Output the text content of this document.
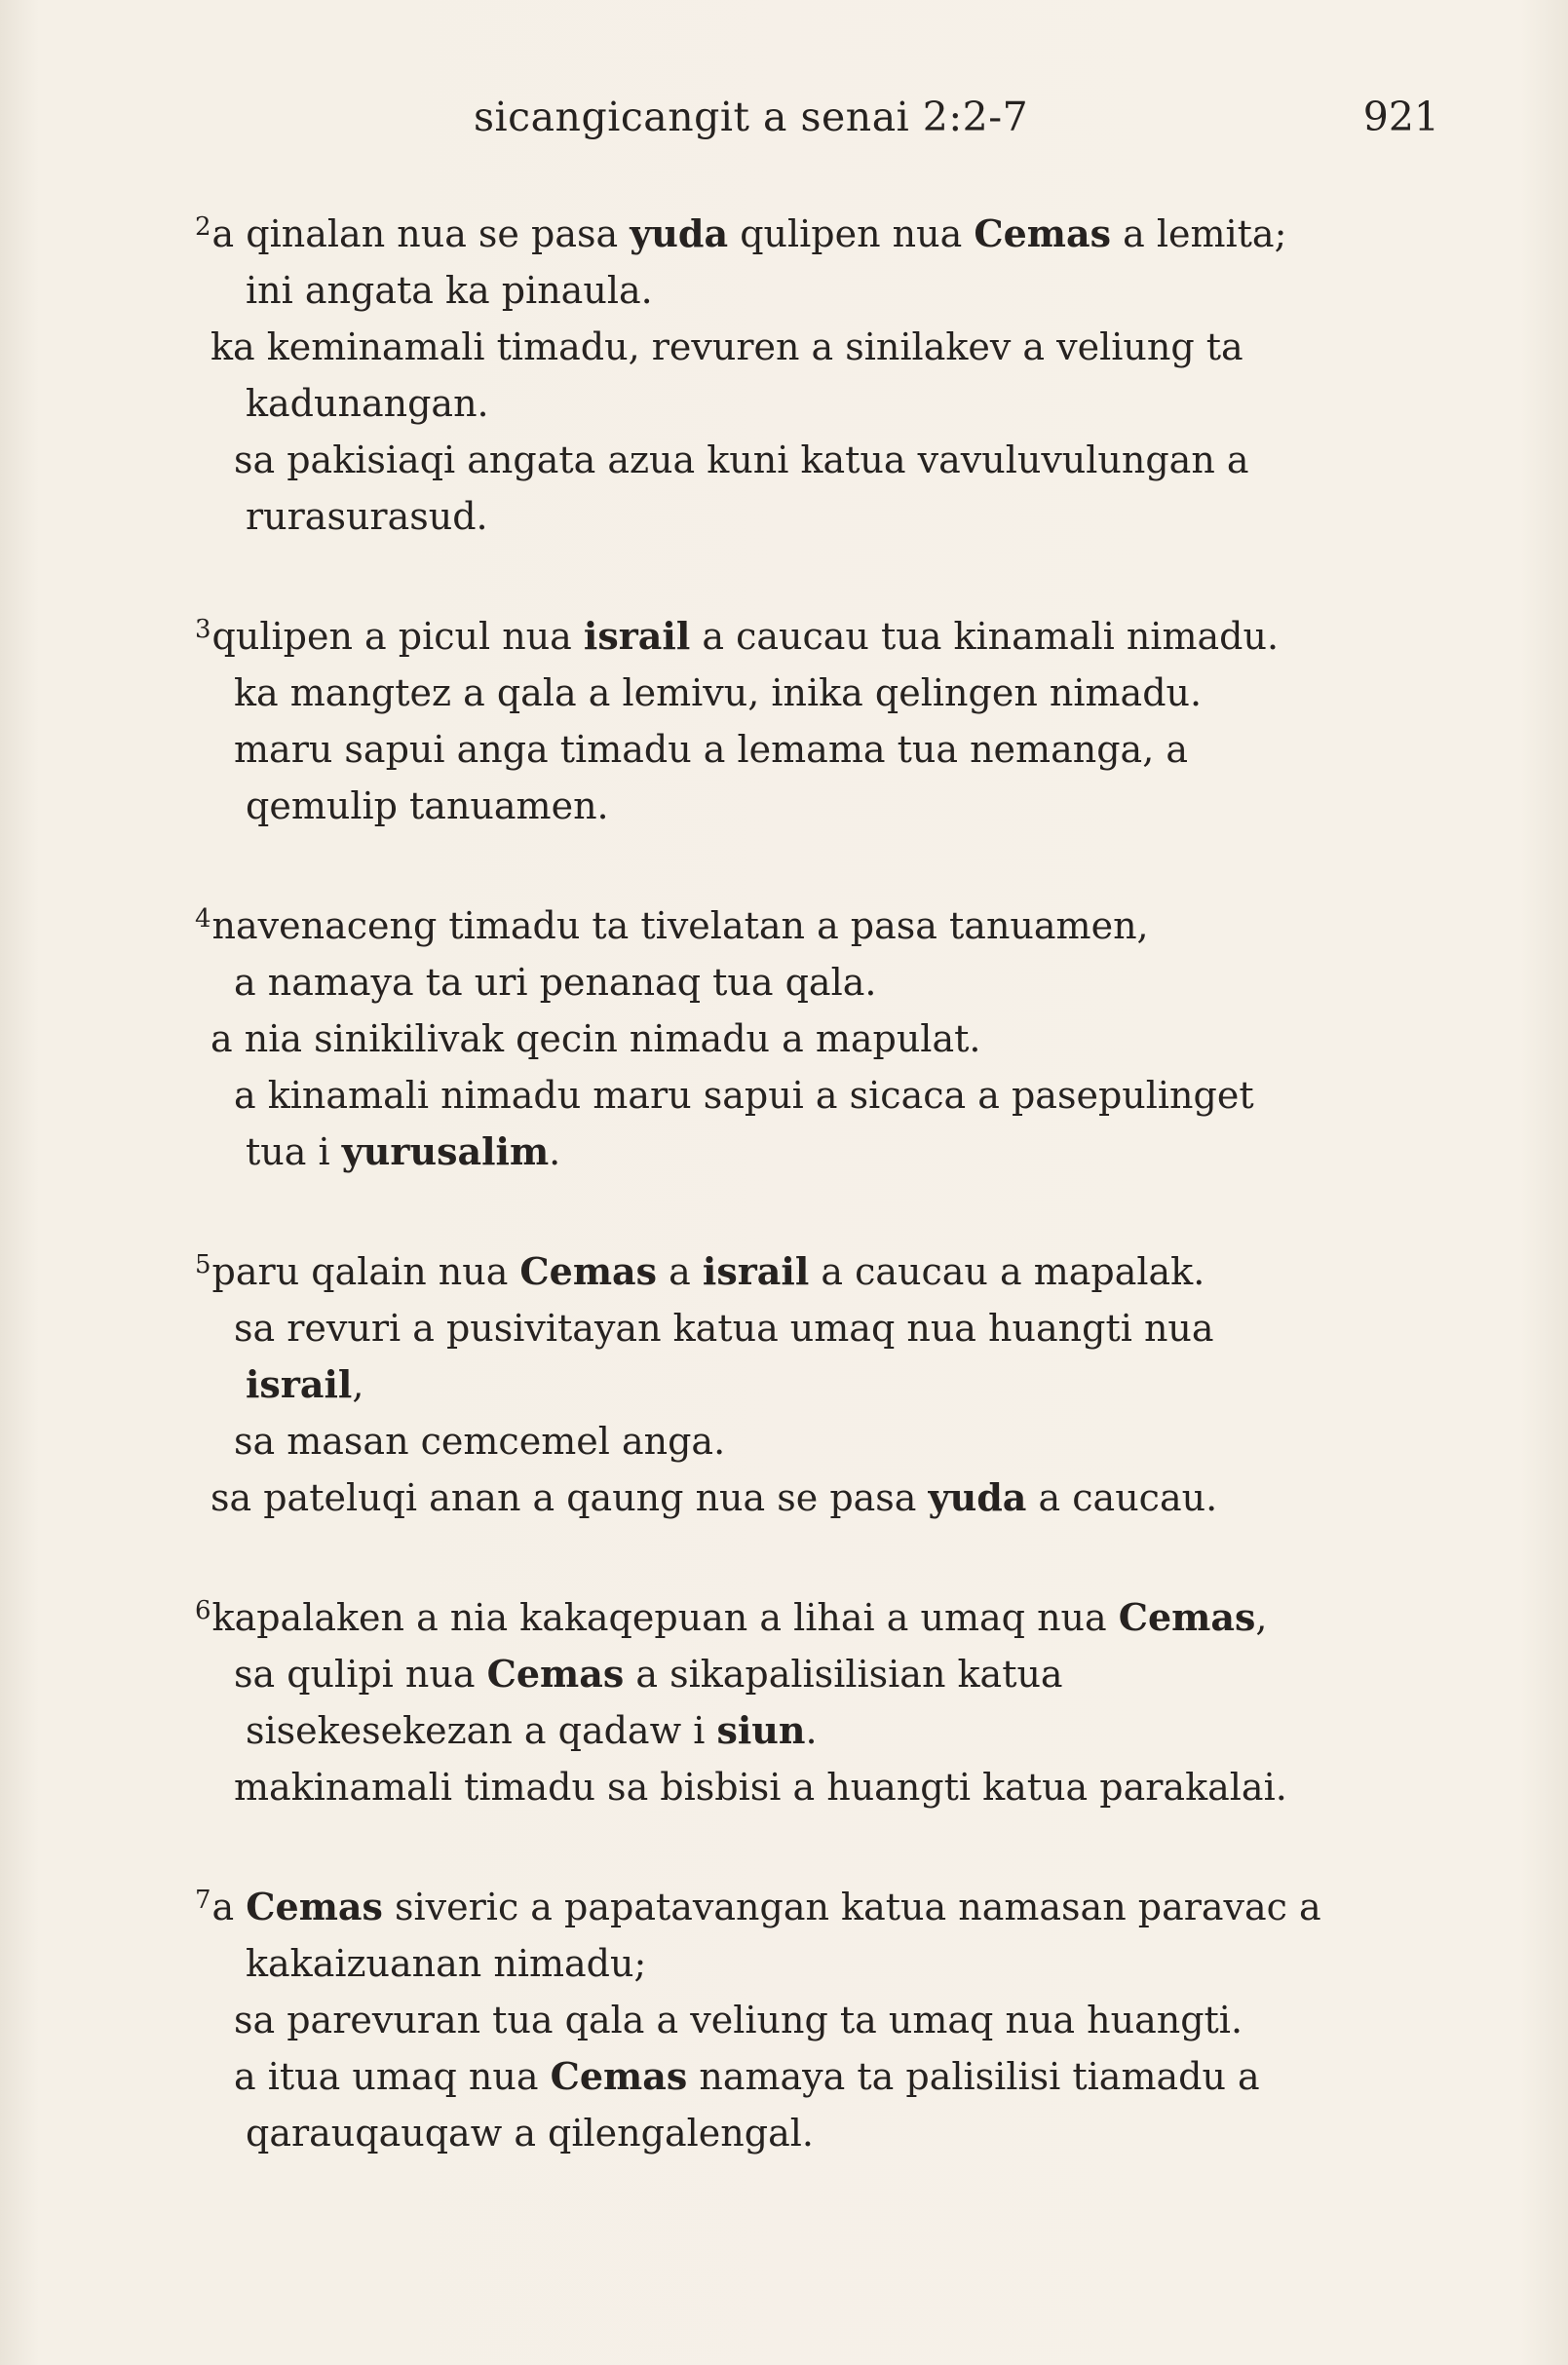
sicangicangit a senai 2:2-7	921
$^2$a qinalan nua se pasa yuda qulipen nua Cemas a lemita;
ini angata ka pinaula.
ka keminamali timadu, revuren a sinilakev a veliung ta
kadunangan.
sa pakisiaqi angata azua kuni katua vavuluvulungan a
rurasurasud.
$^3$qulipen a picul nua israil a caucau tua kinamali nimadu.
ka mangtez a qala a lemivu, inika qelingen nimadu.
maru sapui anga timadu a lemama tua nemanga, a
qemulip tanuamen.
$^4$navenaceng timadu ta tivelatan a pasa tanuamen,
a namaya ta uri penanaq tua qala.
a nia sinikilivak qecin nimadu a mapulat.
a kinamali nimadu maru sapui a sicaca a pasepulinget
tua i yurusalim.
$^5$paru qalain nua Cemas a israil a caucau a mapalak.
sa revuri a pusivitayan katua umaq nua huangti nua
israil,
sa masan cemcemel anga.
sa pateluqi anan a qaung nua se pasa yuda a caucau.
$^6$kapalaken a nia kakaqepuan a lihai a umaq nua Cemas,
sa qulipi nua Cemas a sikapalisilisian katua
sisekesekezan a qadaw i siun.
makinamali timadu sa bisbisi a huangti katua parakalai.
$^7$a Cemas siveric a papatavangan katua namasan paravac a
kakaizuanan nimadu;
sa parevuran tua qala a veliung ta umaq nua huangti.
a itua umaq nua Cemas namaya ta palisilisi tiamadu a
qarauqauqaw a qilengalengal.
